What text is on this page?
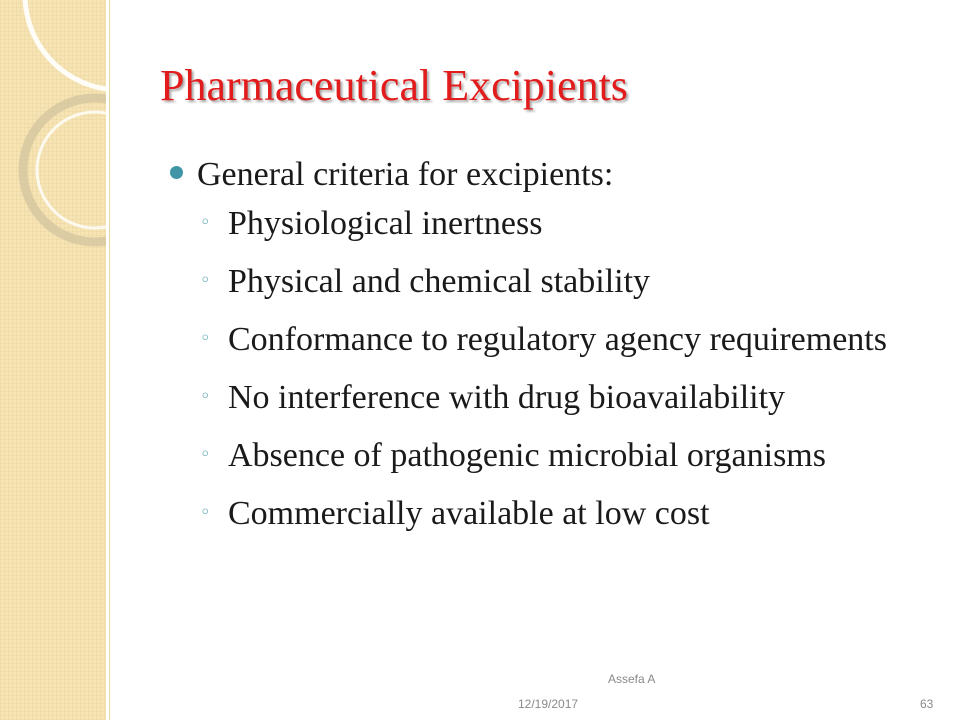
Pharmaceutical Excipients
General criteria for excipients:
◦ Physiological inertness
◦ Physical and chemical stability
◦ Conformance to regulatory agency requirements
◦ No interference with drug bioavailability
◦ Absence of pathogenic microbial organisms
◦ Commercially available at low cost
Assefa A
12/19/2017	63
